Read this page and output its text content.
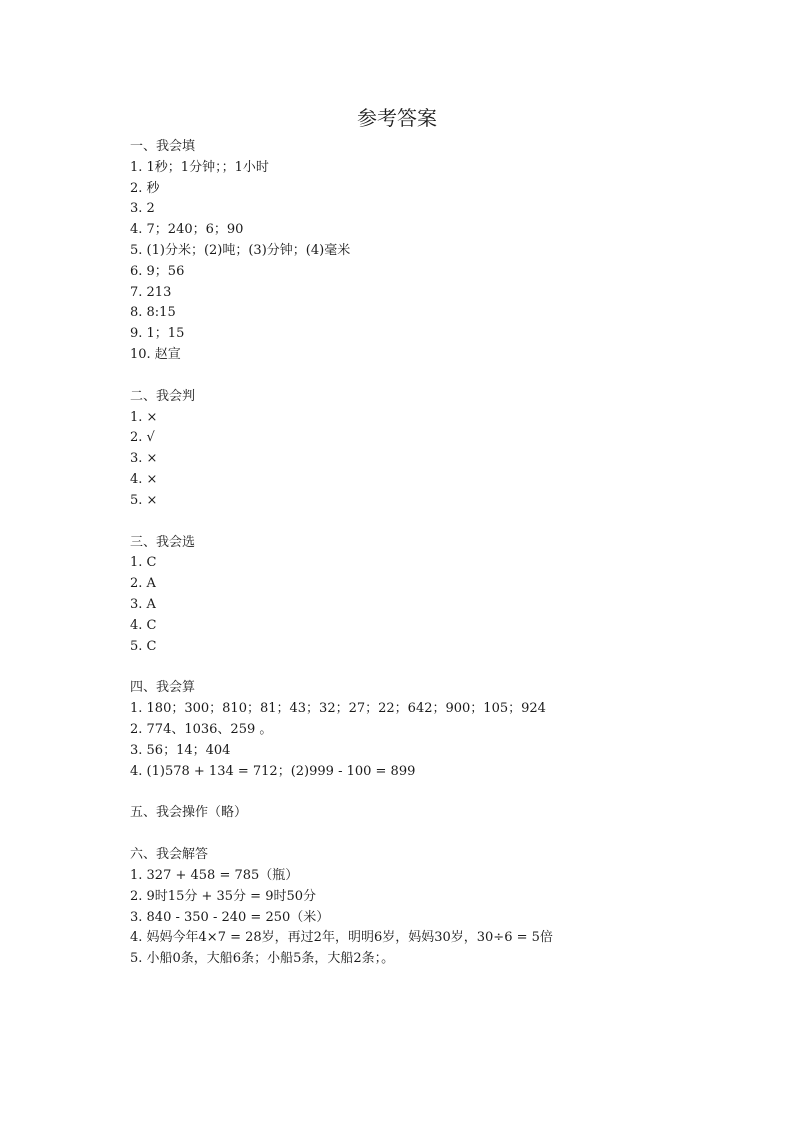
参考答案
一、我会填
1. 1秒；1分钟；；1小时
2. 秒
3. 2
4. 7；240；6；90
5. (1)分米；(2)吨；(3)分钟；(4)毫米
6. 9；56
7. 213
8. 8:15
9. 1；15
10. 赵宣
二、我会判
1. ×
2. √
3. ×
4. ×
5. ×
三、我会选
1. C
2. A
3. A
4. C
5. C
四、我会算
1. 180；300；810；81；43；32；27；22；642；900；105；924
2. 774、1036、259 。
3. 56；14；404
4. (1)578 + 134 = 712；(2)999 - 100 = 899
五、我会操作（略）
六、我会解答
1. 327 + 458 = 785（瓶）
2. 9时15分 + 35分 = 9时50分
3. 840 - 350 - 240 = 250（米）
4. 妈妈今年4×7 = 28岁，再过2年，明明6岁，妈妈30岁，30÷6 = 5倍
5. 小船0条，大船6条；小船5条，大船2条；。
